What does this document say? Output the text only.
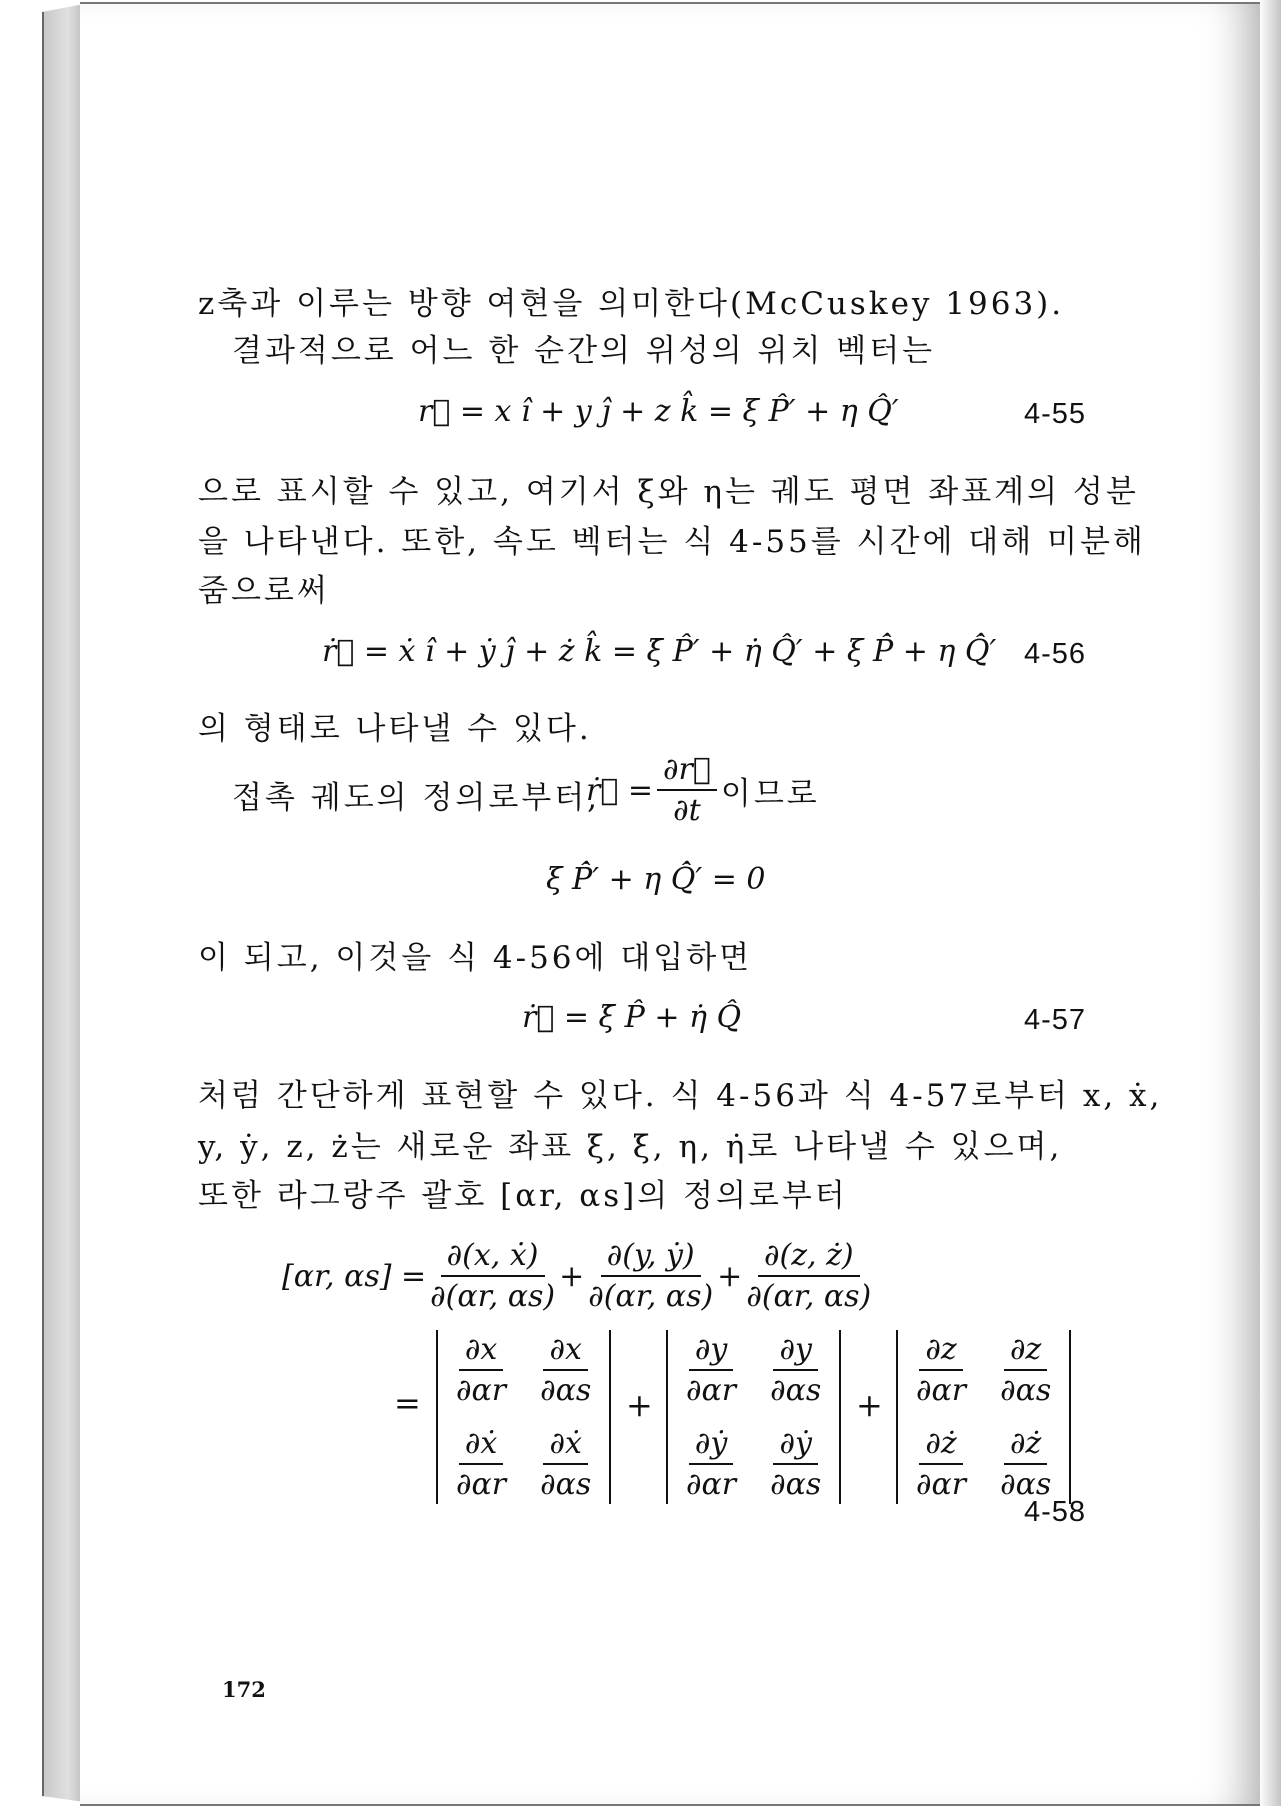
z축과 이루는 방향 여현을 의미한다(McCuskey 1963).
결과적으로 어느 한 순간의 위성의 위치 벡터는
r⃗ = x î + y ĵ + z k̂ = ξ P̂′ + η Q̂′	4-55
으로 표시할 수 있고, 여기서 ξ와 η는 궤도 평면 좌표계의 성분
을 나타낸다. 또한, 속도 벡터는 식 4-55를 시간에 대해 미분해
줌으로써
ṙ⃗ = ẋ î + ẏ ĵ + ż k̂ = ξ̇ P̂′ + η̇ Q̂′ + ξ P̂̇ + η Q̂̇′ 4-56
의 형태로 나타낼 수 있다.
접촉 궤도의 정의로부터,
ṙ⃗ = $\frac{\partial r⃗}{\partial t}$ 이므로
ξ P̂̇′ + η Q̂̇′ = 0
이 되고, 이것을 식 4-56에 대입하면
ṙ⃗ = ξ̇ P̂ + η̇ Q̂	4-57
처럼 간단하게 표현할 수 있다. 식 4-56과 식 4-57로부터 x, ẋ,
y, ẏ, z, ż는 새로운 좌표 ξ, ξ̇, η, η̇로 나타낼 수 있으며,
또한 라그랑주 괄호 [αr, αs]의 정의로부터
[αr, $\alpha s] = \frac{\text{∂(x, ẋ)}}{\partial(\alpha r, \alpha s)} + \frac{\text{∂(y, ẏ)}}{\partial(\alpha r, \alpha s)} + \frac{\partial(z, ż)}{\partial(\alpha r, \alpha s)}$
= $\frac{\partial x}{\partial\alpha r}$
$\frac{\text{∂ẋ}}{\partial\alpha r}$
$\frac{\partial x}{\partial\alpha s}$
$\frac{\text{∂ẋ}}{\partial\alpha s}$
+ $\frac{\partial y}{\partial\alpha r}$
$\frac{\text{∂ẏ}}{\partial\alpha r}$
$\frac{\partial y}{\partial\alpha s}$
$\frac{\text{∂ẏ}}{\partial\alpha s}$
+ $\frac{\partial z}{\partial\alpha r}$
$\frac{\partial ż}{\partial\alpha r}$
$\frac{\partial z}{\partial\alpha s}$
$\frac{\partial ż}{\partial\alpha s}$
4-58
172
